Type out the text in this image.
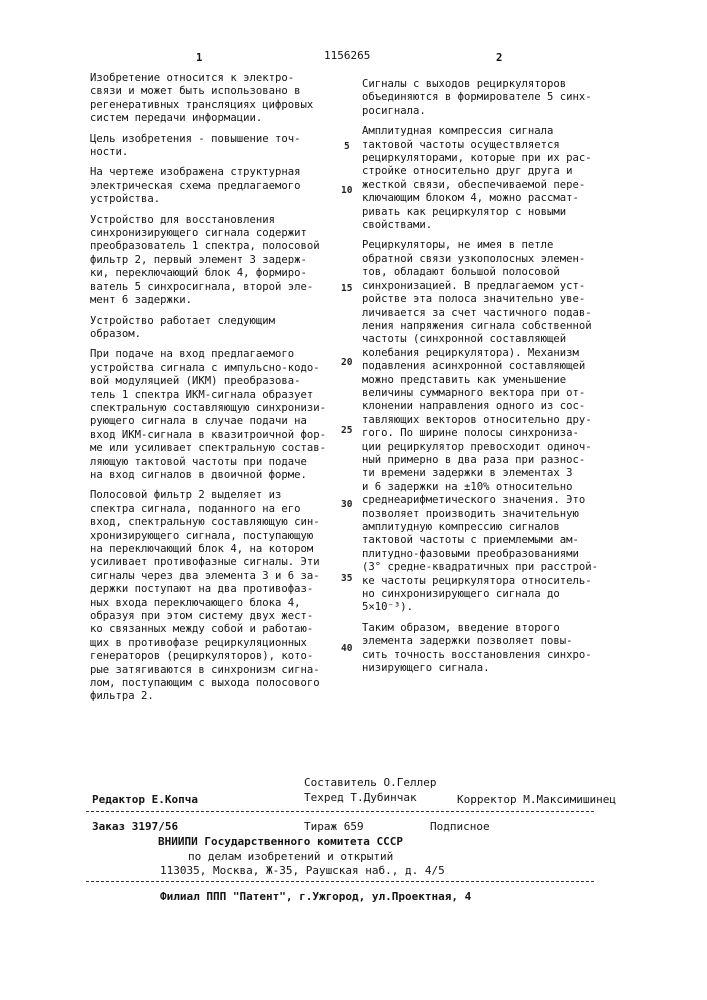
1	1156265	2

Изобретение относится к электро-
связи и может быть использовано в
регенеративных трансляциях цифровых
систем передачи информации.

Цель изобретения - повышение точ-
ности.

На чертеже изображена структурная
электрическая схема предлагаемого
устройства.

Устройство для восстановления
синхронизирующего сигнала содержит
преобразователь 1 спектра, полосовой
фильтр 2, первый элемент 3 задерж-
ки, переключающий блок 4, формиро-
ватель 5 синхросигнала, второй эле-
мент 6 задержки.

Устройство работает следующим
образом.

При подаче на вход предлагаемого
устройства сигнала с импульсно-кодо-
вой модуляцией (ИКМ) преобразова-
тель 1 спектра ИКМ-сигнала образует
спектральную составляющую синхронизи-
рующего сигнала в случае подачи на
вход ИКМ-сигнала в квазитроичной фор-
ме или усиливает спектральную состав-
ляющую тактовой частоты при подаче
на вход сигналов в двоичной форме.

Полосовой фильтр 2 выделяет из
спектра сигнала, поданного на его
вход, спектральную составляющую син-
хронизирующего сигнала, поступающую
на переключающий блок 4, на котором
усиливает противофазные сигналы. Эти
сигналы через два элемента 3 и 6 за-
держки поступают на два противофаз-
ных входа переключающего блока 4,
образуя при этом систему двух жест-
ко связанных между собой и работаю-
щих в противофазе рециркуляционных
генераторов (рециркуляторов), кото-
рые затягиваются в синхронизм сигна-
лом, поступающим с выхода полосового
фильтра 2.

5
10
15
20
25
30
35
40

Сигналы с выходов рециркуляторов
объединяются в формирователе 5 синх-
росигнала.

Амплитудная компрессия сигнала
тактовой частоты осуществляется
рециркуляторами, которые при их рас-
стройке относительно друг друга и
жесткой связи, обеспечиваемой пере-
ключающим блоком 4, можно рассмат-
ривать как рециркулятор с новыми
свойствами.

Рециркуляторы, не имея в петле
обратной связи узкополосных элемен-
тов, обладают большой полосовой
синхронизацией. В предлагаемом уст-
ройстве эта полоса значительно уве-
личивается за счет частичного подав-
ления напряжения сигнала собственной
частоты (синхронной составляющей
колебания рециркулятора). Механизм
подавления асинхронной составляющей
можно представить как уменьшение
величины суммарного вектора при от-
клонении направления одного из сос-
тавляющих векторов относительно дру-
гого. По ширине полосы синхрониза-
ции рециркулятор превосходит одиноч-
ный примерно в два раза при разнос-
ти времени задержки в элементах 3
и 6 задержки на ±10% относительно
среднеарифметического значения. Это
позволяет производить значительную
амплитудную компрессию сигналов
тактовой частоты с приемлемыми ам-
плитудно-фазовыми преобразованиями
(3° средне-квадратичных при расстрой-
ке частоты рециркулятора относитель-
но синхронизирующего сигнала до
5×10⁻³).

Таким образом, введение второго
элемента задержки позволяет повы-
сить точность восстановления синхро-
низирующего сигнала.

Составитель О.Геллер
Редактор Е.Копча	Техред Т.Дубинчак	Корректор М.Максимишинец
Заказ 3197/56	Тираж 659	Подписное
ВНИИПИ Государственного комитета СССР
по делам изобретений и открытий
113035, Москва, Ж-35, Раушская наб., д. 4/5
Филиал ППП "Патент", г.Ужгород, ул.Проектная, 4
